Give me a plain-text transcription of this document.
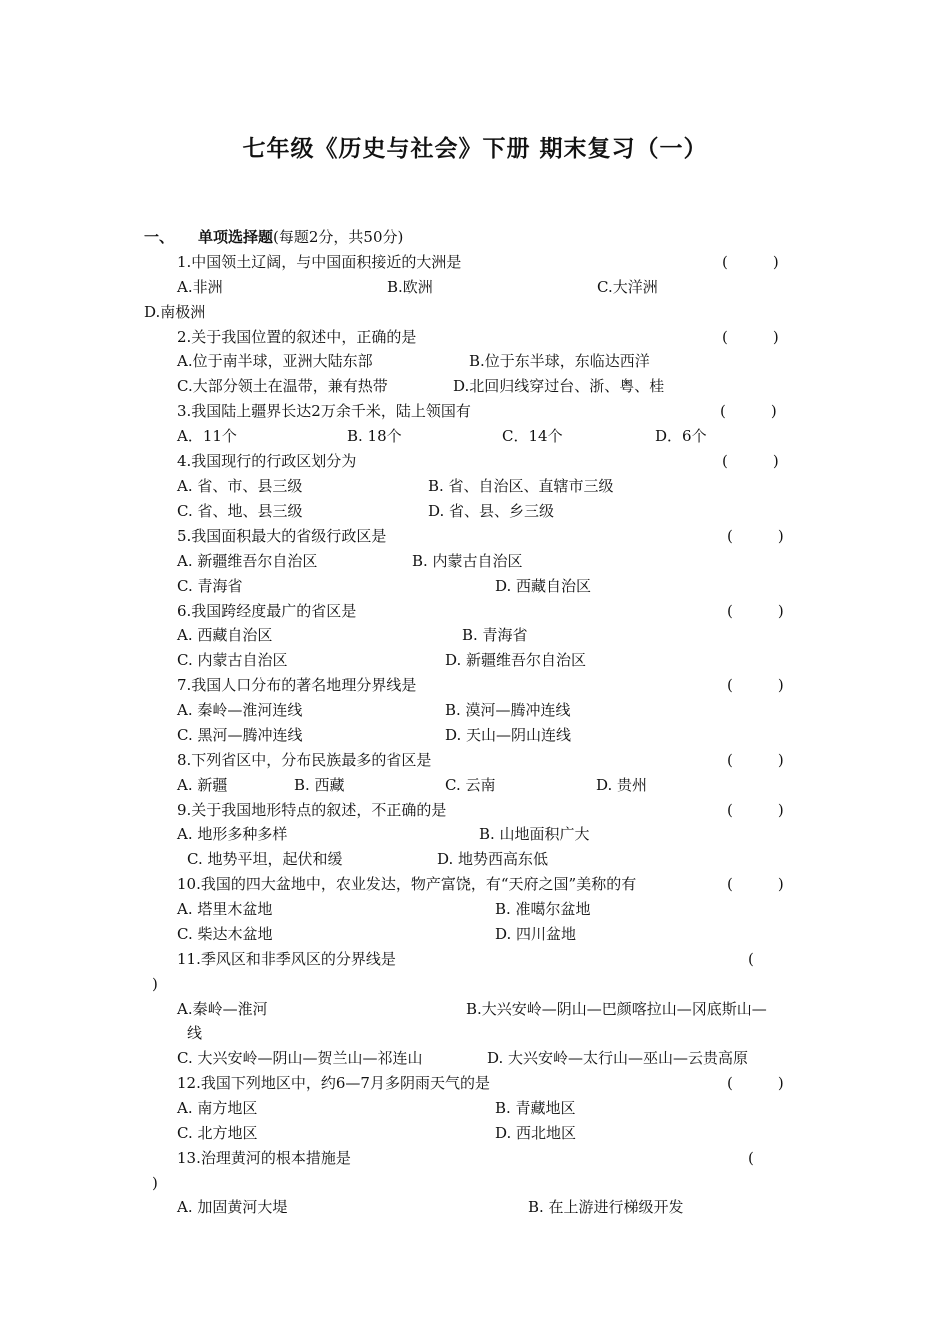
七年级《历史与社会》下册 期末复习（一）
一、 单项选择题(每题2分，共50分)
1.中国领土辽阔，与中国面积接近的大洲是	(　　　)
A.非洲	B.欧洲	C.大洋洲
D.南极洲
2.关于我国位置的叙述中，正确的是	(　　　)
A.位于南半球，亚洲大陆东部	B.位于东半球，东临达西洋
C.大部分领土在温带，兼有热带	D.北回归线穿过台、浙、粤、桂
3.我国陆上疆界长达2万余千米，陆上领国有	(　　　)
A．11个	B. 18个	C．14个	D．6个
4.我国现行的行政区划分为	(　　　)
A. 省、市、县三级	B. 省、自治区、直辖市三级
C. 省、地、县三级	D. 省、县、乡三级
5.我国面积最大的省级行政区是	(　　　)
A. 新疆维吾尔自治区	B. 内蒙古自治区
C. 青海省	D. 西藏自治区
6.我国跨经度最广的省区是	(　　　)
A. 西藏自治区	B. 青海省
C. 内蒙古自治区	D. 新疆维吾尔自治区
7.我国人口分布的著名地理分界线是	(　　　)
A. 秦岭—淮河连线	B. 漠河—腾冲连线
C. 黑河—腾冲连线	D. 天山—阴山连线
8.下列省区中，分布民族最多的省区是	(　　　)
A. 新疆	B. 西藏	C. 云南	D. 贵州
9.关于我国地形特点的叙述，不正确的是	(　　　)
A. 地形多种多样	B. 山地面积广大
C. 地势平坦，起伏和缓	D. 地势西高东低
10.我国的四大盆地中，农业发达，物产富饶，有“天府之国”美称的有	(　　　)
A. 塔里木盆地	B. 准噶尔盆地
C. 柴达木盆地	D. 四川盆地
11.季风区和非季风区的分界线是	(
)
A.秦岭—淮河	B.大兴安岭—阴山—巴颜喀拉山—冈底斯山—
线
C. 大兴安岭—阴山—贺兰山—祁连山	D. 大兴安岭—太行山—巫山—云贵高原
12.我国下列地区中，约6—7月多阴雨天气的是	(　　　)
A. 南方地区	B. 青藏地区
C. 北方地区	D. 西北地区
13.治理黄河的根本措施是	(
)
A. 加固黄河大堤	B. 在上游进行梯级开发
